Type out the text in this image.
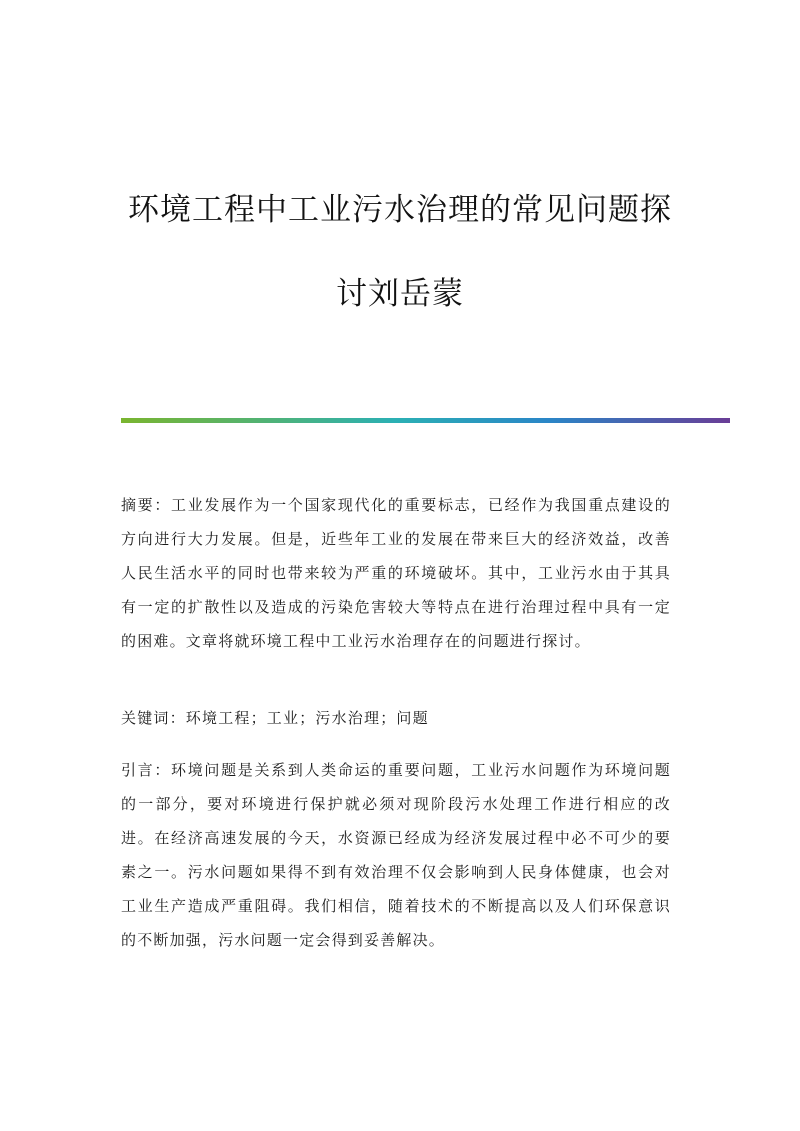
环境工程中工业污水治理的常见问题探
讨刘岳蒙

摘要：工业发展作为一个国家现代化的重要标志，已经作为我国重点建设的方向进行大力发展。但是，近些年工业的发展在带来巨大的经济效益，改善人民生活水平的同时也带来较为严重的环境破坏。其中，工业污水由于其具有一定的扩散性以及造成的污染危害较大等特点在进行治理过程中具有一定的困难。文章将就环境工程中工业污水治理存在的问题进行探讨。

关键词：环境工程；工业；污水治理；问题

引言：环境问题是关系到人类命运的重要问题，工业污水问题作为环境问题的一部分，要对环境进行保护就必须对现阶段污水处理工作进行相应的改进。在经济高速发展的今天，水资源已经成为经济发展过程中必不可少的要素之一。污水问题如果得不到有效治理不仅会影响到人民身体健康，也会对工业生产造成严重阻碍。我们相信，随着技术的不断提高以及人们环保意识的不断加强，污水问题一定会得到妥善解决。
